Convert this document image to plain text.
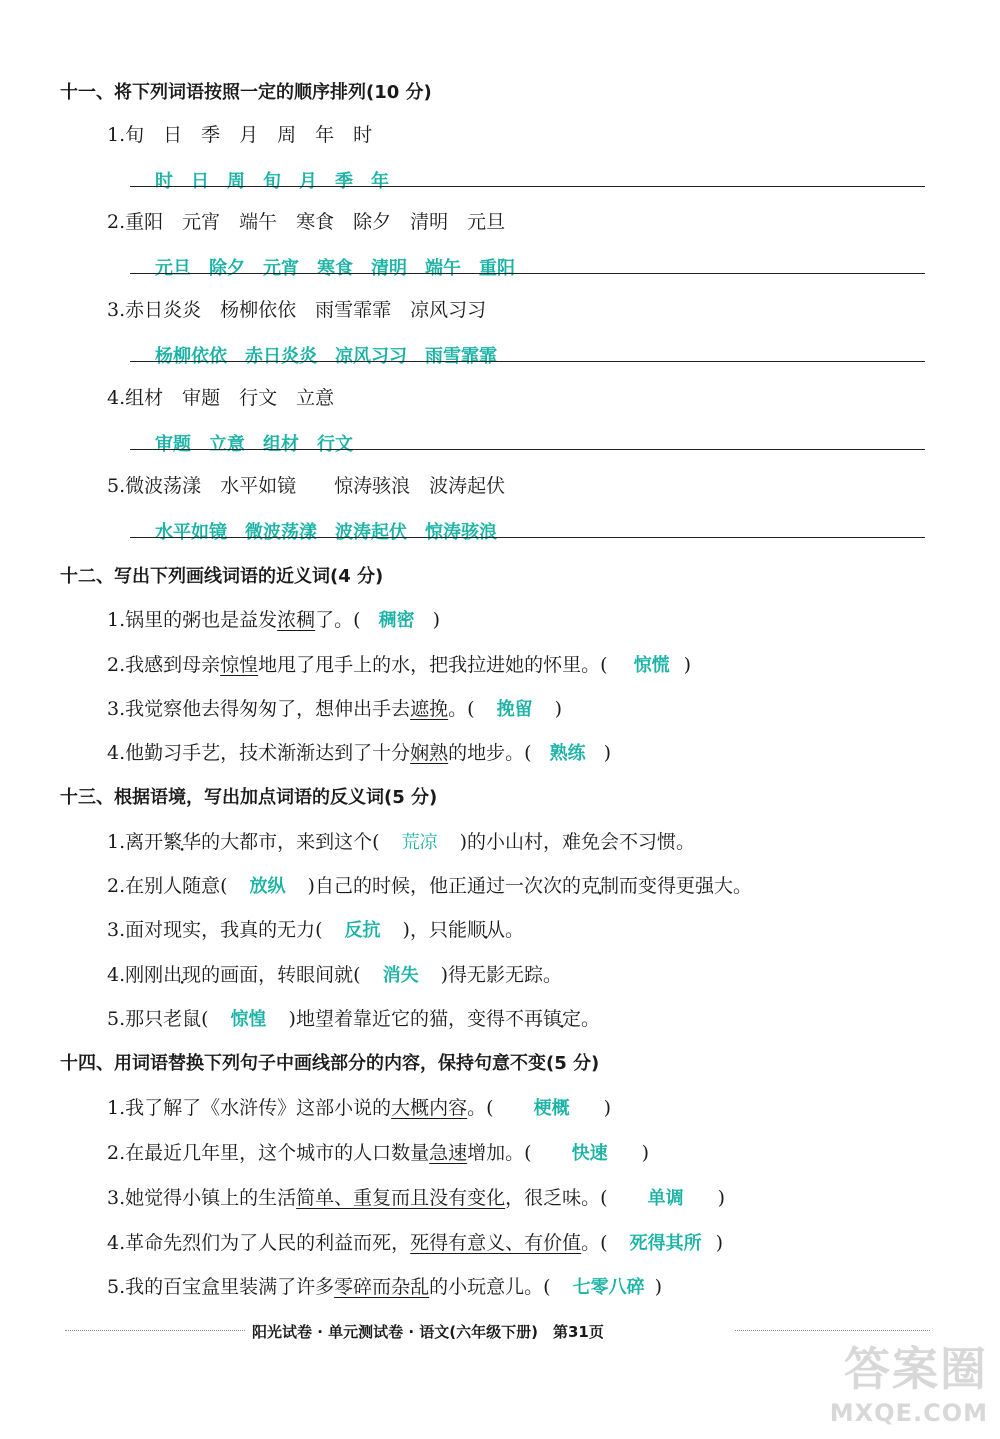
十一、将下列词语按照一定的顺序排列(10 分)
1.旬　日　季　月　周　年　时
时　日　周　旬　月　季　年
2.重阳　元宵　端午　寒食　除夕　清明　元旦
元旦　除夕　元宵　寒食　清明　端午　重阳
3.赤日炎炎　杨柳依依　雨雪霏霏　凉风习习
杨柳依依　赤日炎炎　凉风习习　雨雪霏霏
4.组材　审题　行文　立意
审题　立意　组材　行文
5.微波荡漾　水平如镜　　惊涛骇浪　波涛起伏
水平如镜　微波荡漾　波涛起伏　惊涛骇浪
十二、写出下列画线词语的近义词(4 分)
1.锅里的粥也是益发浓稠了。( 稠密 )
2.我感到母亲惊惶地甩了甩手上的水，把我拉进她的怀里。( 惊慌 )
3.我觉察他去得匆匆了，想伸出手去遮挽。( 挽留 )
4.他勤习手艺，技术渐渐达到了十分娴熟的地步。( 熟练 )
十三、根据语境，写出加点词语的反义词(5 分)
1.离开繁华的大都市，来到这个( 荒凉 )的小山村，难免会不习惯。
2.在别人随意( 放纵 )自己的时候，他正通过一次次的克制而变得更强大。
3.面对现实，我真的无力( 反抗 )，只能顺从。
4.刚刚出现的画面，转眼间就( 消失 )得无影无踪。
5.那只老鼠( 惊惶 )地望着靠近它的猫，变得不再镇定。
十四、用词语替换下列句子中画线部分的内容，保持句意不变(5 分)
1.我了解了《水浒传》这部小说的大概内容。( 梗概 )
2.在最近几年里，这个城市的人口数量急速增加。( 快速 )
3.她觉得小镇上的生活简单、重复而且没有变化，很乏味。( 单调 )
4.革命先烈们为了人民的利益而死，死得有意义、有价值。( 死得其所 )
5.我的百宝盒里装满了许多零碎而杂乱的小玩意儿。( 七零八碎 )
阳光试卷 · 单元测试卷 · 语文(六年级下册)　第31页
答案圈
MXQE.COM
